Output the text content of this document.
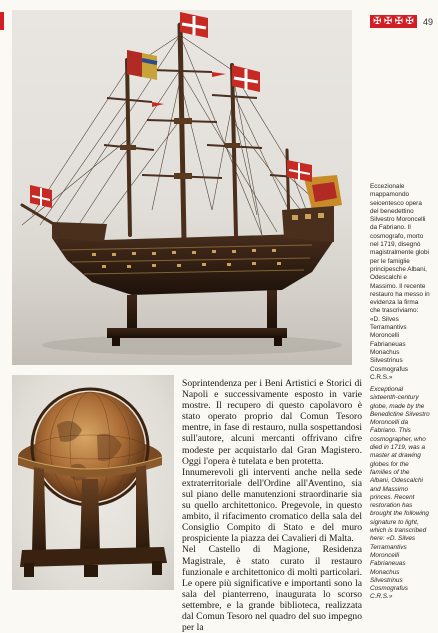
✠ ✠ ✠ ✠ 49
Eccezionale mappamondo seicentesco opera del benedettino Silvestro Moroncelli da Fabriano. Il cosmografo, morto nel 1719, disegnò magistralmente globi per le famiglie principesche Albani, Odescalchi e Massimo. Il recente restauro ha messo in evidenza la firma che trascriviamo: «D. Silves Terramantivs Moroncelli Fabrianeuas Monachus Silvestrinus Cosmografus C.R.S.»
Exceptional sixteenth-century globe, made by the Benedictine Silvestro Moroncelli da Fabriano. This cosmographer, who died in 1719, was a master at drawing globes for the families of the Albani, Odescalchi and Massimo princes. Recent restoration has brought the following signature to light, which is transcribed here: «D. Silves Terramantivs Moroncelli Fabrianeuas Monachus Silvestrinus Cosmografus C.R.S.»

Soprintendenza per i Beni Artistici e Storici di Napoli e successivamente esposto in varie mostre. Il recupero di questo capolavoro è stato operato proprio dal Comun Tesoro mentre, in fase di restauro, nulla sospettandosi sull'autore, alcuni mercanti offrivano cifre modeste per acquistarlo dal Gran Magistero. Oggi l'opera è tutelata e ben protetta.

Innumerevoli gli interventi anche nella sede extraterritoriale dell'Ordine all'Aventino, sia sul piano delle manutenzioni straordinarie sia su quello architettonico. Pregevole, in questo ambito, il rifacimento cromatico della sala del Consiglio Compito di Stato e del muro prospiciente la piazza dei Cavalieri di Malta.

Nel Castello di Magione, Residenza Magistrale, è stato curato il restauro funzionale e architettonico di molti particolari. Le opere più significative e importanti sono la sala del pianterreno, inaugurata lo scorso settembre, e la grande biblioteca, realizzata dal Comun Tesoro nel quadro del suo impegno per la
